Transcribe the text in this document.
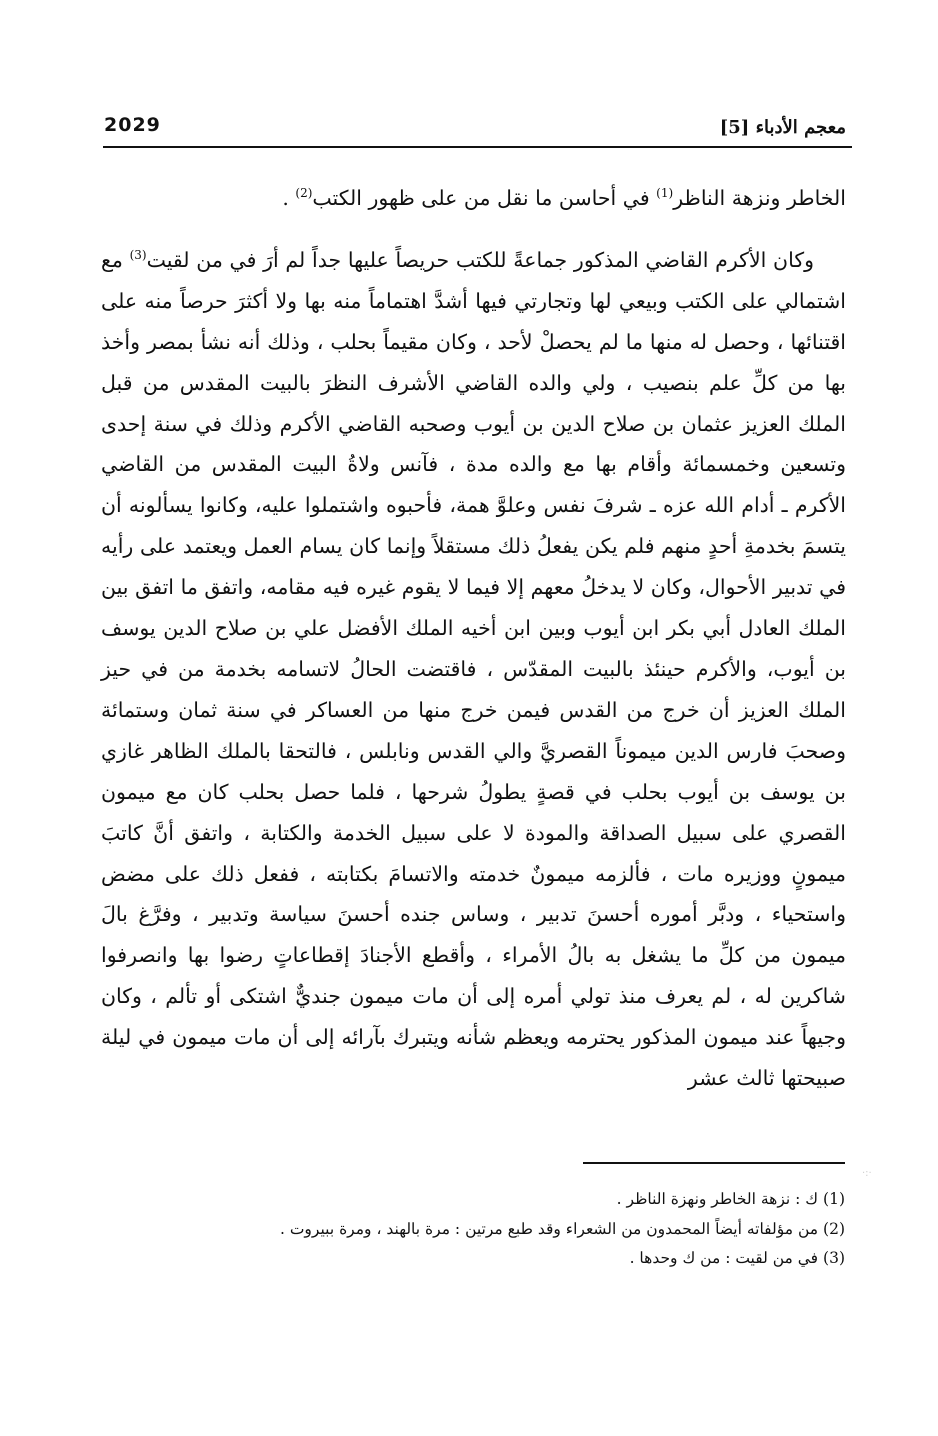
معجم الأدباء [5]
2029

الخاطر ونزهة الناظر$^{(1)}$ في أحاسن ما نقل من على ظهور الكتب$^{(2)}$ .

وكان الأكرم القاضي المذكور جماعةً للكتب حريصاً عليها جداً لم أرَ في من لقيت$^{(3)}$ مع اشتمالي على الكتب وبيعي لها وتجارتي فيها أشدَّ اهتماماً منه بها ولا أكثرَ حرصاً منه على اقتنائها ، وحصل له منها ما لم يحصلْ لأحد ، وكان مقيماً بحلب ، وذلك أنه نشأ بمصر وأخذ بها من كلِّ علم بنصيب ، ولي والده القاضي الأشرف النظرَ بالبيت المقدس من قبل الملك العزيز عثمان بن صلاح الدين بن أيوب وصحبه القاضي الأكرم وذلك في سنة إحدى وتسعين وخمسمائة وأقام بها مع والده مدة ، فآنس ولاةُ البيت المقدس من القاضي الأكرم ـ أدام الله عزه ـ شرفَ نفس وعلوَّ همة، فأحبوه واشتملوا عليه، وكانوا يسألونه أن يتسمَ بخدمةِ أحدٍ منهم فلم يكن يفعلُ ذلك مستقلاً وإنما كان يسام العمل ويعتمد على رأيه في تدبير الأحوال، وكان لا يدخلُ معهم إلا فيما لا يقوم غيره فيه مقامه، واتفق ما اتفق بين الملك العادل أبي بكر ابن أيوب وبين ابن أخيه الملك الأفضل علي بن صلاح الدين يوسف بن أيوب، والأكرم حينئذ بالبيت المقدّس ، فاقتضت الحالُ لاتسامه بخدمة من في حيز الملك العزيز أن خرج من القدس فيمن خرج منها من العساكر في سنة ثمان وستمائة وصحبَ فارس الدين ميموناً القصريَّ والي القدس ونابلس ، فالتحقا بالملك الظاهر غازي بن يوسف بن أيوب بحلب في قصةٍ يطولُ شرحها ، فلما حصل بحلب كان مع ميمون القصري على سبيل الصداقة والمودة لا على سبيل الخدمة والكتابة ، واتفق أنَّ كاتبَ ميمونٍ ووزيره مات ، فألزمه ميمونٌ خدمته والاتسامَ بكتابته ، ففعل ذلك على مضض واستحياء ، ودبَّر أموره أحسنَ تدبير ، وساس جنده أحسنَ سياسة وتدبير ، وفرَّغ بالَ ميمون من كلِّ ما يشغل به بالُ الأمراء ، وأقطع الأجنادَ إقطاعاتٍ رضوا بها وانصرفوا شاكرين له ، لم يعرف منذ تولي أمره إلى أن مات ميمون جنديٌّ اشتكى أو تألم ، وكان وجيهاً عند ميمون المذكور يحترمه ويعظم شأنه ويتبرك بآرائه إلى أن مات ميمون في ليلة صبيحتها ثالث عشر

(1) ك : نزهة الخاطر ونهزة الناظر .
(2) من مؤلفاته أيضاً المحمدون من الشعراء وقد طبع مرتين : مرة بالهند ، ومرة ببيروت .
(3) في من لقيت : من ك وحدها .
·:·
